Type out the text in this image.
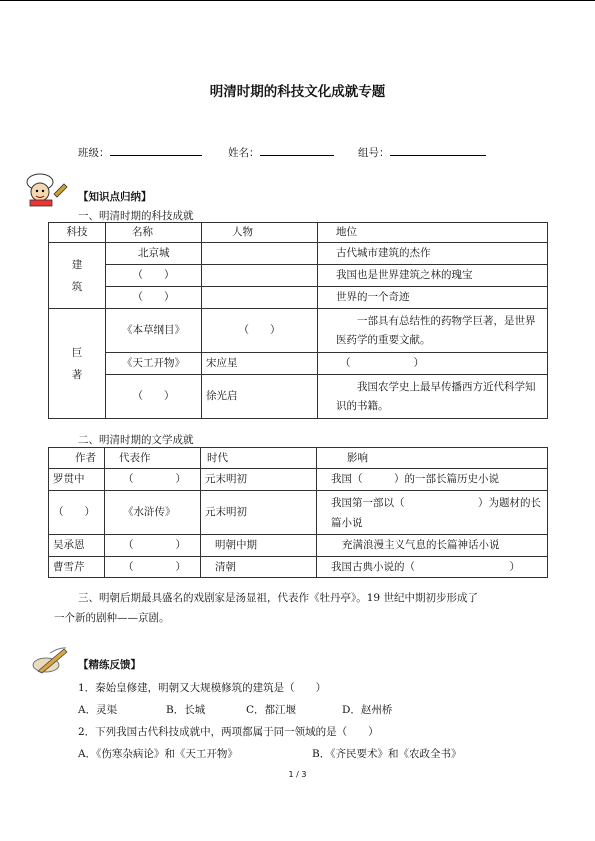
明清时期的科技文化成就专题
班级：	姓名：	组号：
【知识点归纳】
一、明清时期的科技成就
科技	名称	人物	地位
建
筑	北京城		古代城市建筑的杰作
	（　　）		我国也是世界建筑之林的瑰宝
	（　　）		世界的一个奇迹
巨
著	《本草纲目》	（　　）	　　一部具有总结性的药物学巨著，是世界医药学的重要文献。
	《天工开物》	宋应星	（　　　　　　）
	（　　）	徐光启	　　我国农学史上最早传播西方近代科学知识的书籍。
二、明清时期的文学成就
作者	代表作	时代	影响
罗贯中	（　　　　）	元末明初	我国（　　　）的一部长篇历史小说
（　　）	《水浒传》	元末明初	我国第一部以（　　　　　　　）为题材的长篇小说
吴承恩	（　　　　）	明朝中期	　　充满浪漫主义气息的长篇神话小说
曹雪芹	（　　　　）	清朝	我国古典小说的（　　　　　　　　　）
三、明朝后期最具盛名的戏剧家是汤显祖，代表作《牡丹亭》。19 世纪中期初步形成了
一个新的剧种——京剧。
【精练反馈】
1．秦始皇修建，明朝又大规模修筑的建筑是（　　）
A．灵渠	B．长城	C．都江堰	D．赵州桥
2．下列我国古代科技成就中，两项都属于同一领域的是（　　）
A．《伤寒杂病论》和《天工开物》	B．《齐民要术》和《农政全书》
1 / 3
